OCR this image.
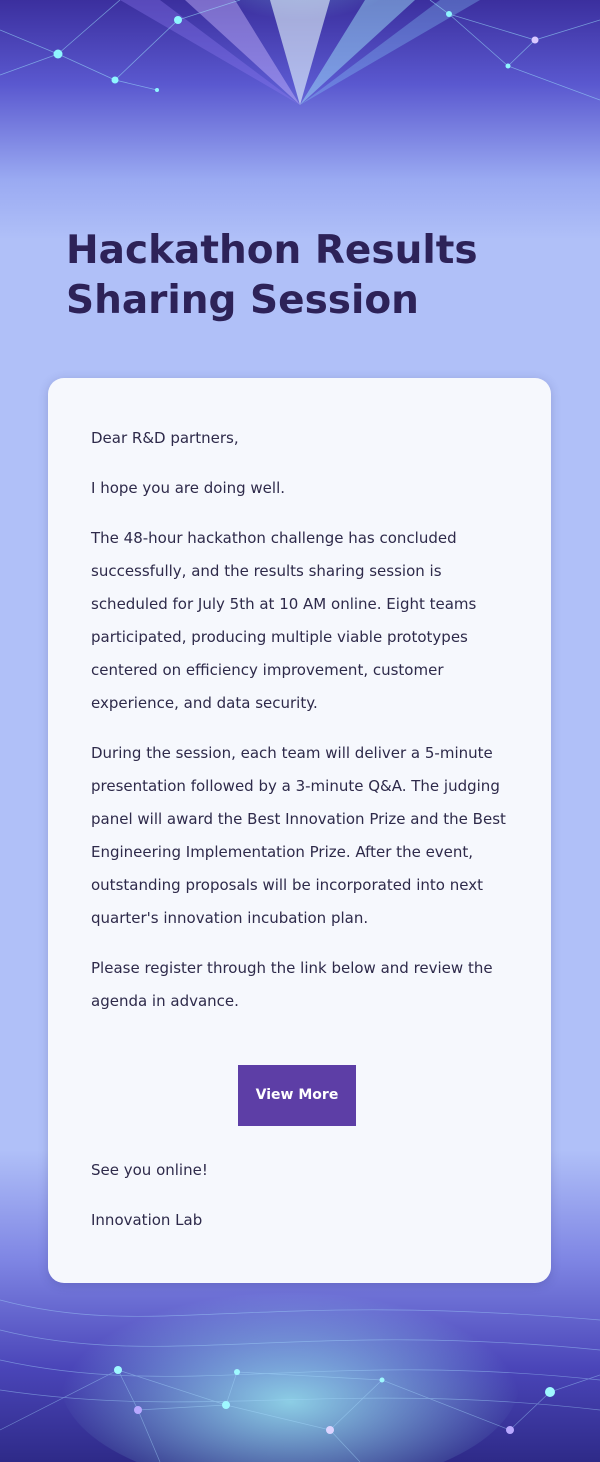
Hackathon Results Sharing Session

Dear R&D partners,

I hope you are doing well.

The 48-hour hackathon challenge has concluded successfully, and the results sharing session is scheduled for July 5th at 10 AM online. Eight teams participated, producing multiple viable prototypes centered on efficiency improvement, customer experience, and data security.

During the session, each team will deliver a 5-minute presentation followed by a 3-minute Q&A. The judging panel will award the Best Innovation Prize and the Best Engineering Implementation Prize. After the event, outstanding proposals will be incorporated into next quarter's innovation incubation plan.

Please register through the link below and review the agenda in advance.

View More

See you online!

Innovation Lab
